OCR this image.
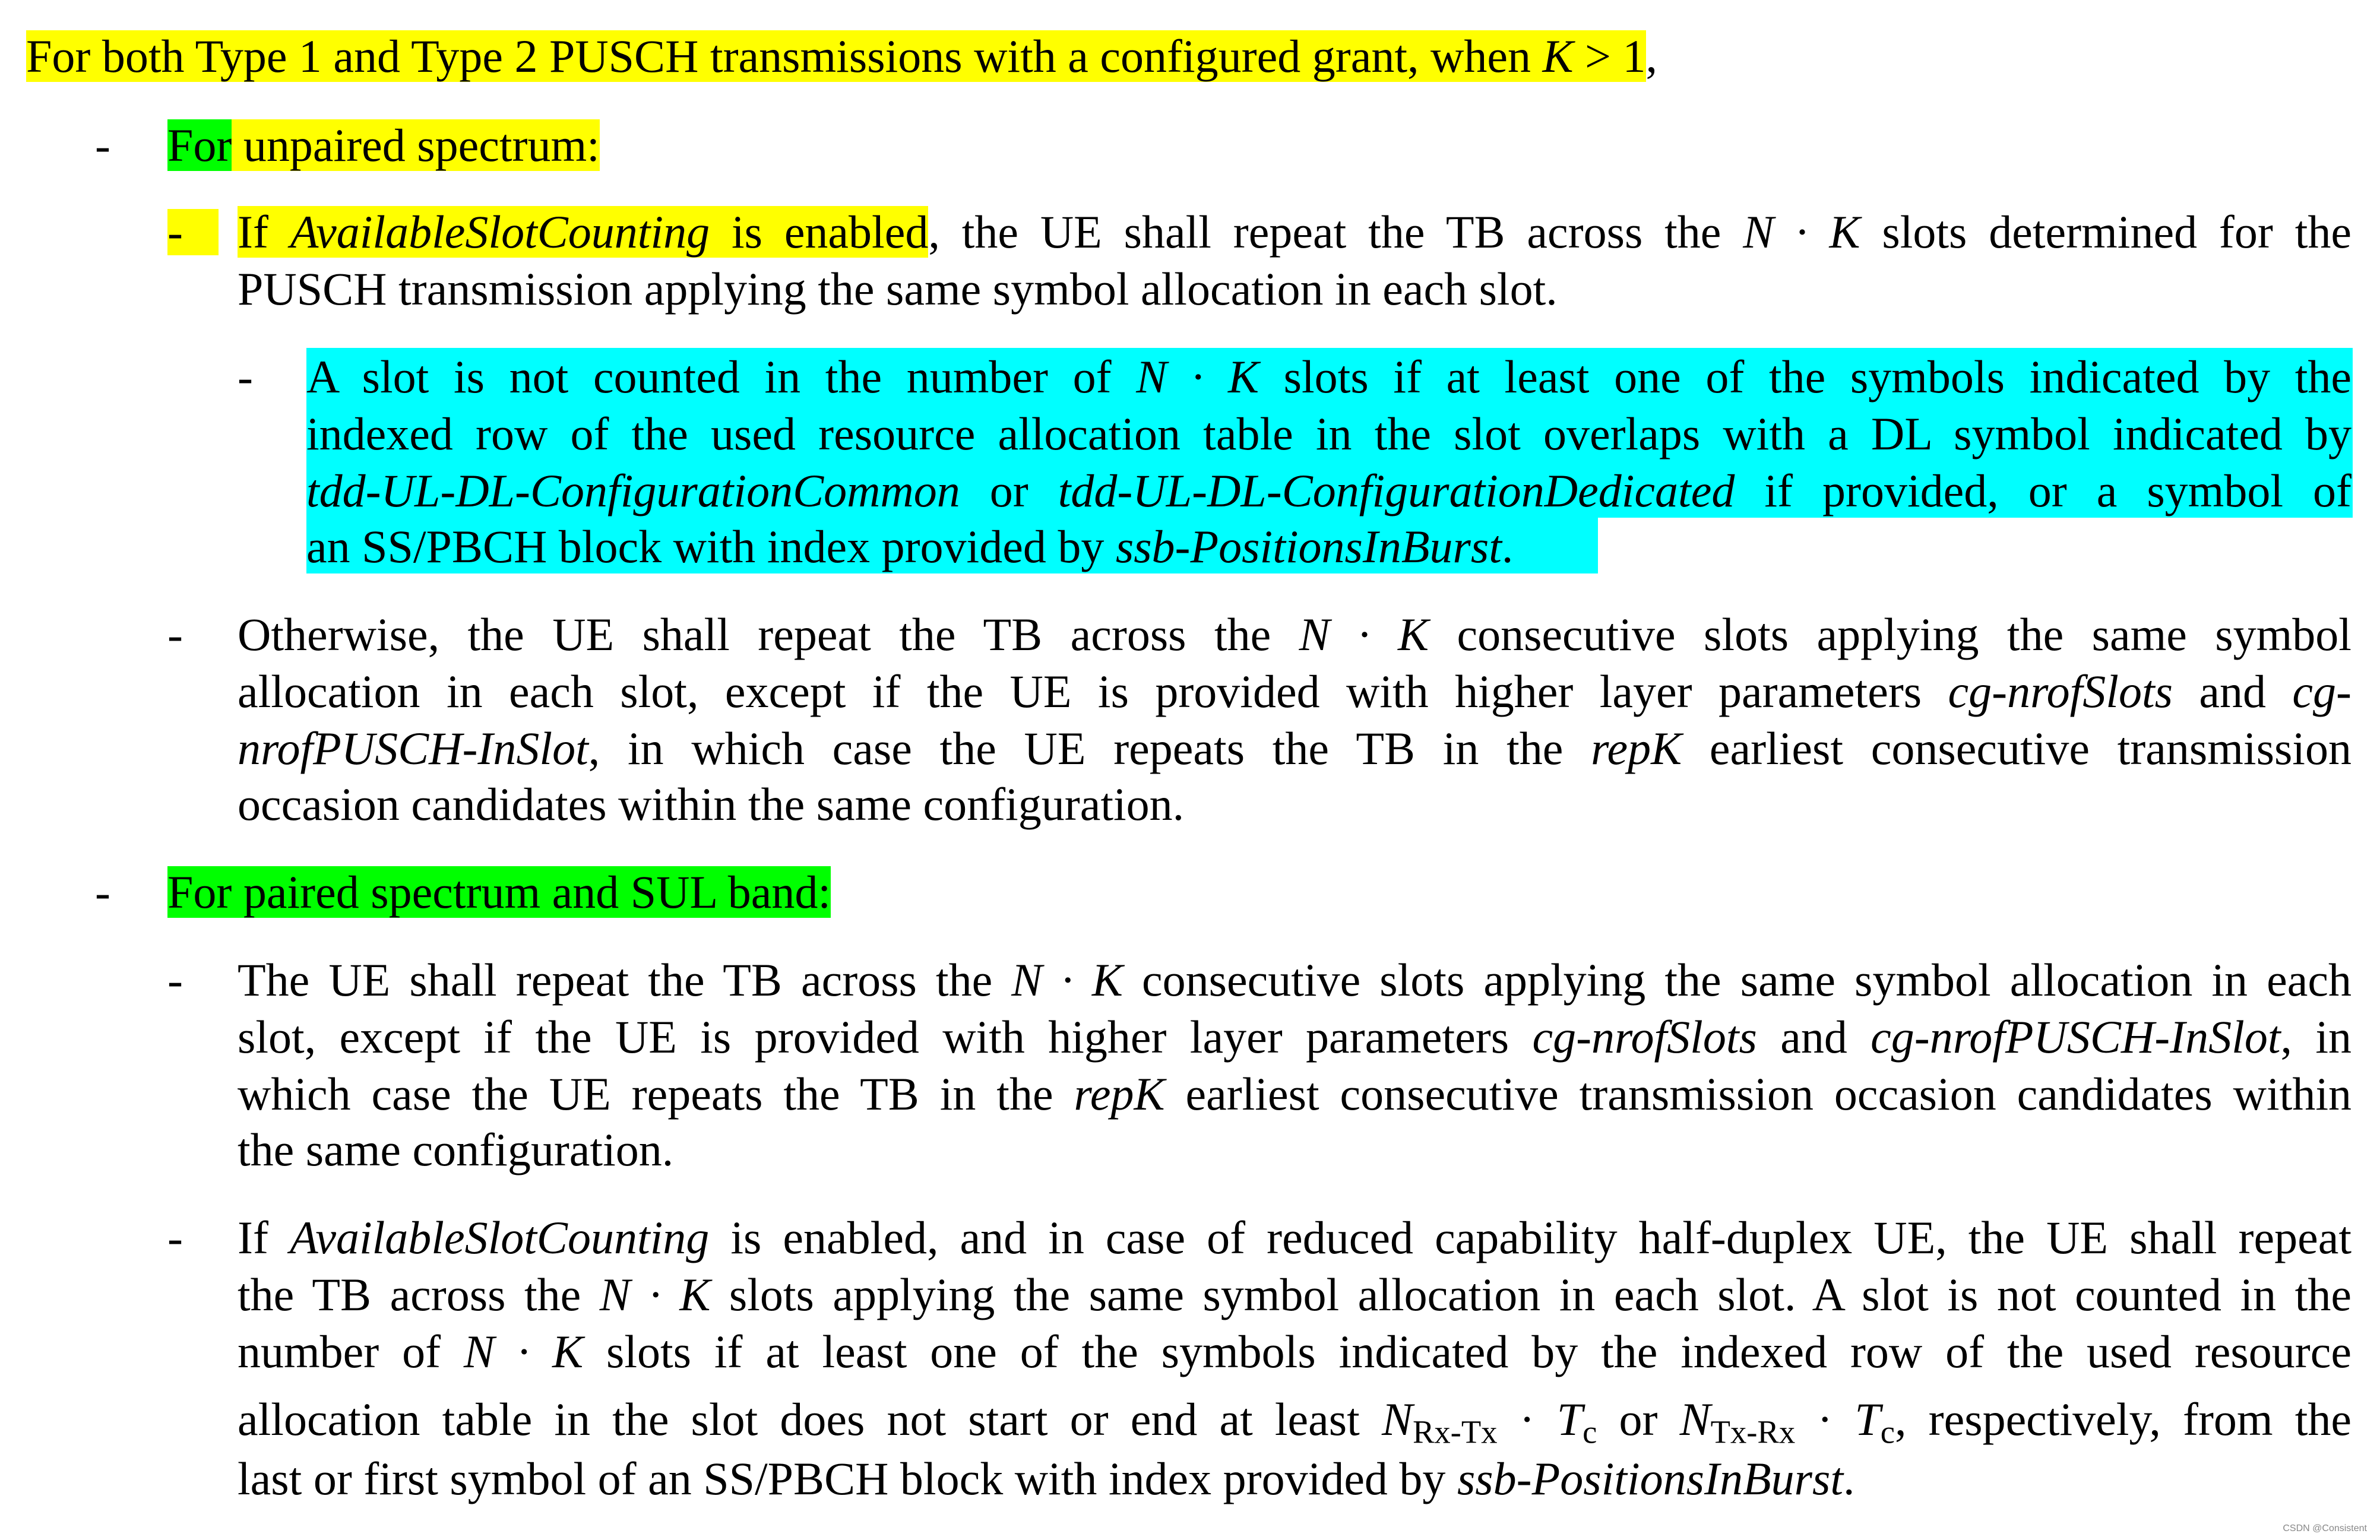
For both Type 1 and Type 2 PUSCH transmissions with a configured grant, when K > 1,
- For unpaired spectrum:
-	If AvailableSlotCounting is enabled, the UE shall repeat the TB across the N · K slots determined for the
PUSCH transmission applying the same symbol allocation in each slot.
- A slot is not counted in the number of N · K slots if at least one of the symbols indicated by the
indexed row of the used resource allocation table in the slot overlaps with a DL symbol indicated by
tdd-UL-DL-ConfigurationCommon or tdd-UL-DL-ConfigurationDedicated if provided, or a symbol of
an SS/PBCH block with index provided by ssb-PositionsInBurst.
- Otherwise, the UE shall repeat the TB across the N · K consecutive slots applying the same symbol
allocation in each slot, except if the UE is provided with higher layer parameters cg-nrofSlots and cg-
nrofPUSCH-InSlot, in which case the UE repeats the TB in the repK earliest consecutive transmission
occasion candidates within the same configuration.
- For paired spectrum and SUL band:
- The UE shall repeat the TB across the N · K consecutive slots applying the same symbol allocation in each
slot, except if the UE is provided with higher layer parameters cg-nrofSlots and cg-nrofPUSCH-InSlot, in
which case the UE repeats the TB in the repK earliest consecutive transmission occasion candidates within
the same configuration.
- If AvailableSlotCounting is enabled, and in case of reduced capability half-duplex UE, the UE shall repeat
the TB across the N · K slots applying the same symbol allocation in each slot. A slot is not counted in the
number of N · K slots if at least one of the symbols indicated by the indexed row of the used resource
allocation table in the slot does not start or end at least $N_{Rx-Tx} \cdot T_c$ or $N_{Tx-Rx} \cdot T_c$, respectively, from the
last or first symbol of an SS/PBCH block with index provided by ssb-PositionsInBurst.
CSDN @Consistent
